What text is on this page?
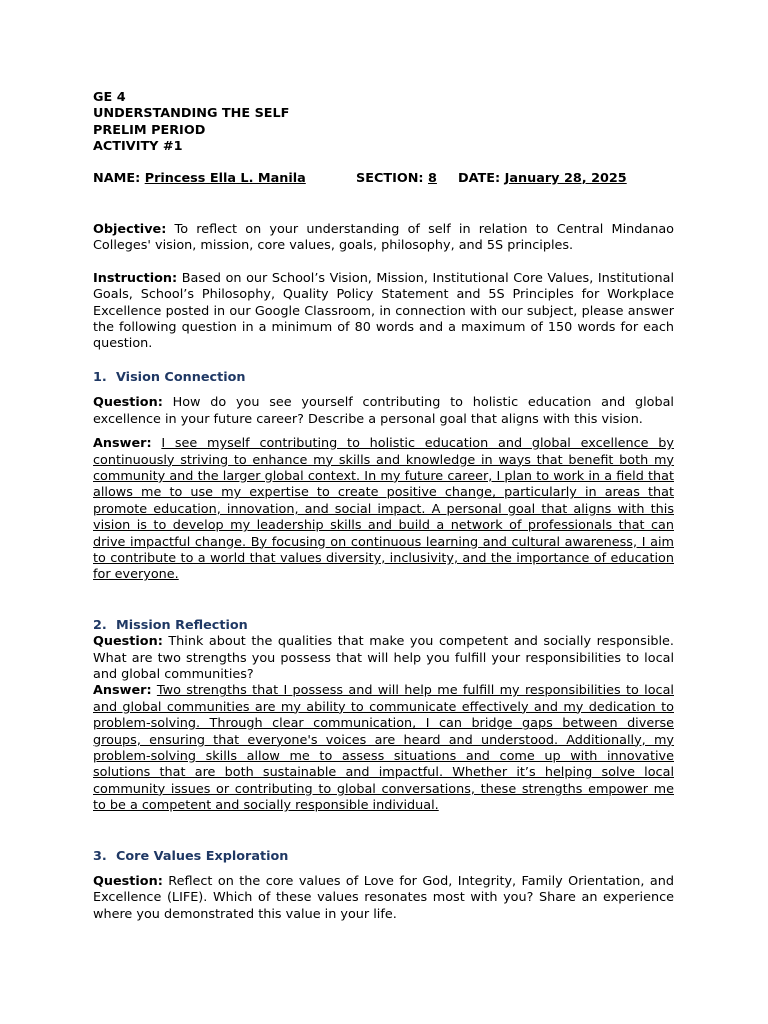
GE 4

UNDERSTANDING THE SELF

PRELIM PERIOD

ACTIVITY #1

NAME: Princess Ella L. Manila	SECTION: 8	DATE: January 28, 2025

Objective: To reflect on your understanding of self in relation to Central Mindanao Colleges' vision, mission, core values, goals, philosophy, and 5S principles.

Instruction: Based on our School’s Vision, Mission, Institutional Core Values, Institutional Goals, School’s Philosophy, Quality Policy Statement and 5S Principles for Workplace Excellence posted in our Google Classroom, in connection with our subject, please answer the following question in a minimum of 80 words and a maximum of 150 words for each question.

1. Vision Connection

Question: How do you see yourself contributing to holistic education and global excellence in your future career? Describe a personal goal that aligns with this vision.

Answer: I see myself contributing to holistic education and global excellence by continuously striving to enhance my skills and knowledge in ways that benefit both my community and the larger global context. In my future career, I plan to work in a field that allows me to use my expertise to create positive change, particularly in areas that promote education, innovation, and social impact. A personal goal that aligns with this vision is to develop my leadership skills and build a network of professionals that can drive impactful change. By focusing on continuous learning and cultural awareness, I aim to contribute to a world that values diversity, inclusivity, and the importance of education for everyone.

2. Mission Reflection

Question: Think about the qualities that make you competent and socially responsible. What are two strengths you possess that will help you fulfill your responsibilities to local and global communities?

Answer: Two strengths that I possess and will help me fulfill my responsibilities to local and global communities are my ability to communicate effectively and my dedication to problem-solving. Through clear communication, I can bridge gaps between diverse groups, ensuring that everyone's voices are heard and understood. Additionally, my problem-solving skills allow me to assess situations and come up with innovative solutions that are both sustainable and impactful. Whether it’s helping solve local community issues or contributing to global conversations, these strengths empower me to be a competent and socially responsible individual.

3. Core Values Exploration

Question: Reflect on the core values of Love for God, Integrity, Family Orientation, and Excellence (LIFE). Which of these values resonates most with you? Share an experience where you demonstrated this value in your life.
